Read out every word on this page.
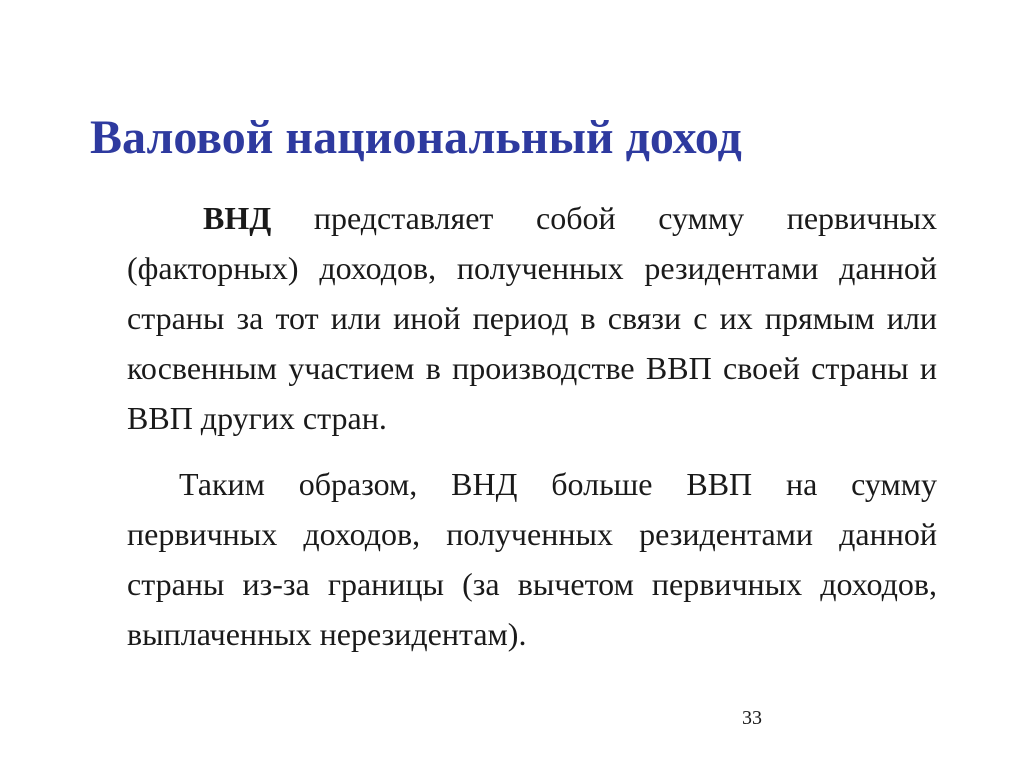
Валовой национальный доход

ВНД представляет собой сумму первичных (факторных) доходов, полученных резидентами данной страны за тот или иной период в связи с их прямым или косвенным участием в производстве ВВП своей страны и ВВП других стран.

Таким образом, ВНД больше ВВП на сумму первичных доходов, полученных резидентами данной страны из-за границы (за вычетом первичных доходов, выплаченных нерезидентам).

33
